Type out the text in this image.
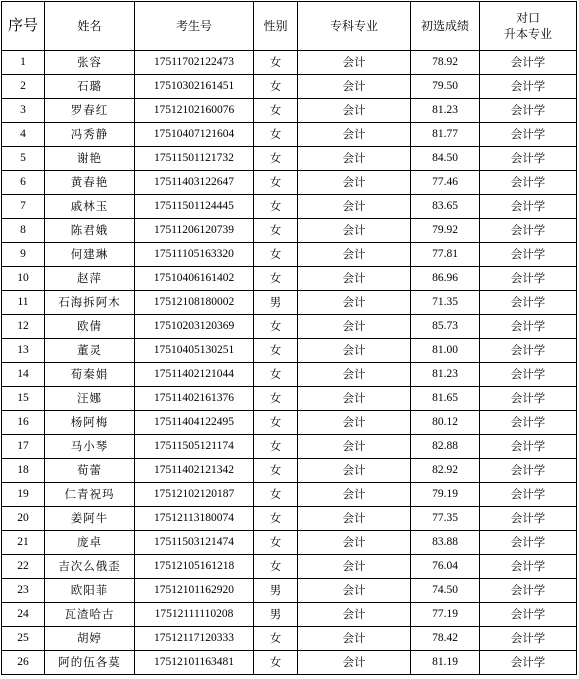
序号	姓名	考生号	性别	专科专业	初选成绩	对口
升本专业

1	张容	17511702122473	女	会计	78.92	会计学
2	石璐	17510302161451	女	会计	79.50	会计学
3	罗春红	17512102160076	女	会计	81.23	会计学
4	冯秀静	17510407121604	女	会计	81.77	会计学
5	谢艳	17511501121732	女	会计	84.50	会计学
6	黄春艳	17511403122647	女	会计	77.46	会计学
7	戚林玉	17511501124445	女	会计	83.65	会计学
8	陈君娥	17511206120739	女	会计	79.92	会计学
9	何建琳	17511105163320	女	会计	77.81	会计学
10	赵萍	17510406161402	女	会计	86.96	会计学
11	石海拆阿木	17512108180002	男	会计	71.35	会计学
12	欧倩	17510203120369	女	会计	85.73	会计学
13	董灵	17510405130251	女	会计	81.00	会计学
14	荀秦娟	17511402121044	女	会计	81.23	会计学
15	汪娜	17511402161376	女	会计	81.65	会计学
16	杨阿梅	17511404122495	女	会计	80.12	会计学
17	马小琴	17511505121174	女	会计	82.88	会计学
18	荀蕾	17511402121342	女	会计	82.92	会计学
19	仁青祝玛	17512102120187	女	会计	79.19	会计学
20	姜阿牛	17512113180074	女	会计	77.35	会计学
21	庞卓	17511503121474	女	会计	83.88	会计学
22	吉次么俄歪	17512105161218	女	会计	76.04	会计学
23	欧阳菲	17512101162920	男	会计	74.50	会计学
24	瓦渣哈古	17512111110208	男	会计	77.19	会计学
25	胡婷	17512117120333	女	会计	78.42	会计学
26	阿的伍各莫	17512101163481	女	会计	81.19	会计学
